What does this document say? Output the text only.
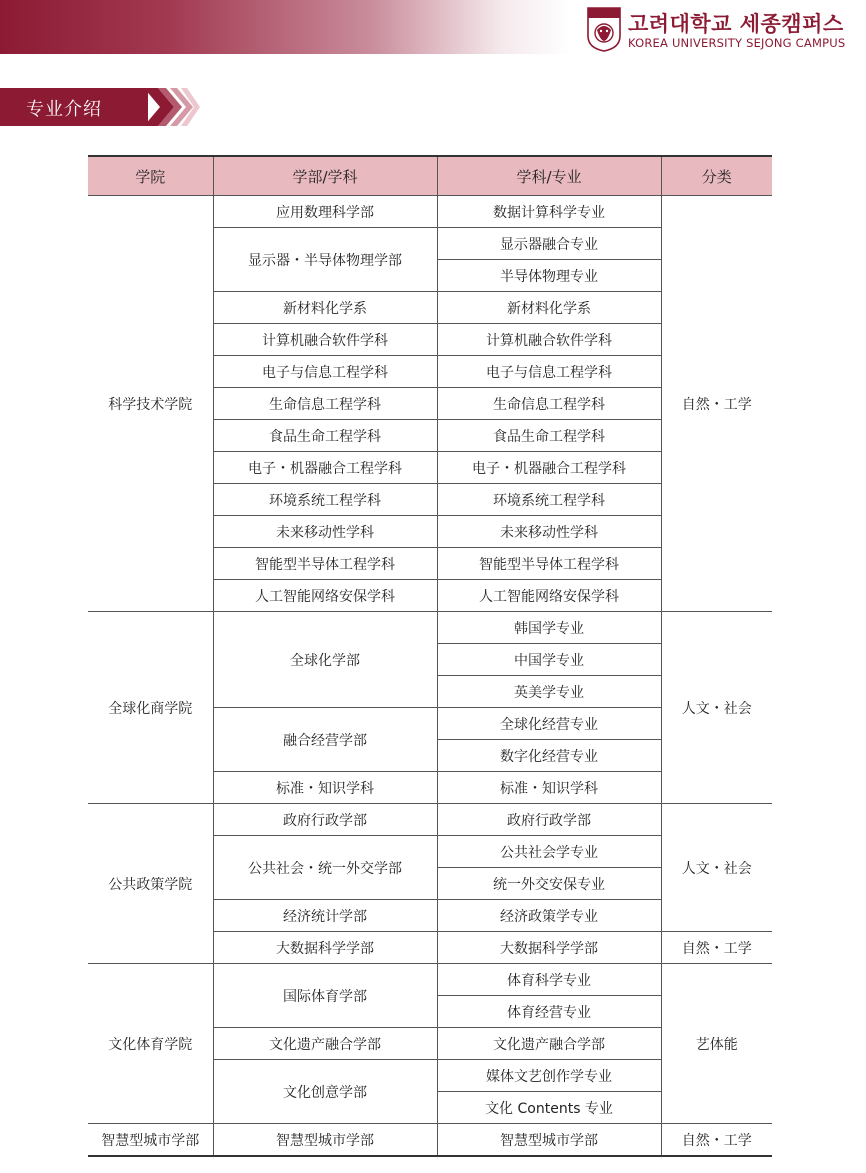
고려대학교 세종캠퍼스
KOREA UNIVERSITY SEJONG CAMPUS
专业介绍
学院	学部/学科	学科/专业	分类
科学技术学院	应用数理科学部	数据计算科学专业	自然・工学
	显示器・半导体物理学部	显示器融合专业	
		半导体物理专业	
	新材料化学系	新材料化学系	
	计算机融合软件学科	计算机融合软件学科	
	电子与信息工程学科	电子与信息工程学科	
	生命信息工程学科	生命信息工程学科	
	食品生命工程学科	食品生命工程学科	
	电子・机器融合工程学科	电子・机器融合工程学科	
	环境系统工程学科	环境系统工程学科	
	未来移动性学科	未来移动性学科	
	智能型半导体工程学科	智能型半导体工程学科	
	人工智能网络安保学科	人工智能网络安保学科	
全球化商学院	全球化学部	韩国学专业	人文・社会
		中国学专业	
		英美学专业	
	融合经营学部	全球化经营专业	
		数字化经营专业	
	标准・知识学科	标准・知识学科	
公共政策学院	政府行政学部	政府行政学部	人文・社会
	公共社会・统一外交学部	公共社会学专业	
		统一外交安保专业	
	经济统计学部	经济政策学专业	
	大数据科学学部	大数据科学学部	自然・工学
文化体育学院	国际体育学部	体育科学专业	艺体能
		体育经营专业	
	文化遗产融合学部	文化遗产融合学部	
	文化创意学部	媒体文艺创作学专业	
		文化 Contents 专业	
智慧型城市学部	智慧型城市学部	智慧型城市学部	自然・工学
